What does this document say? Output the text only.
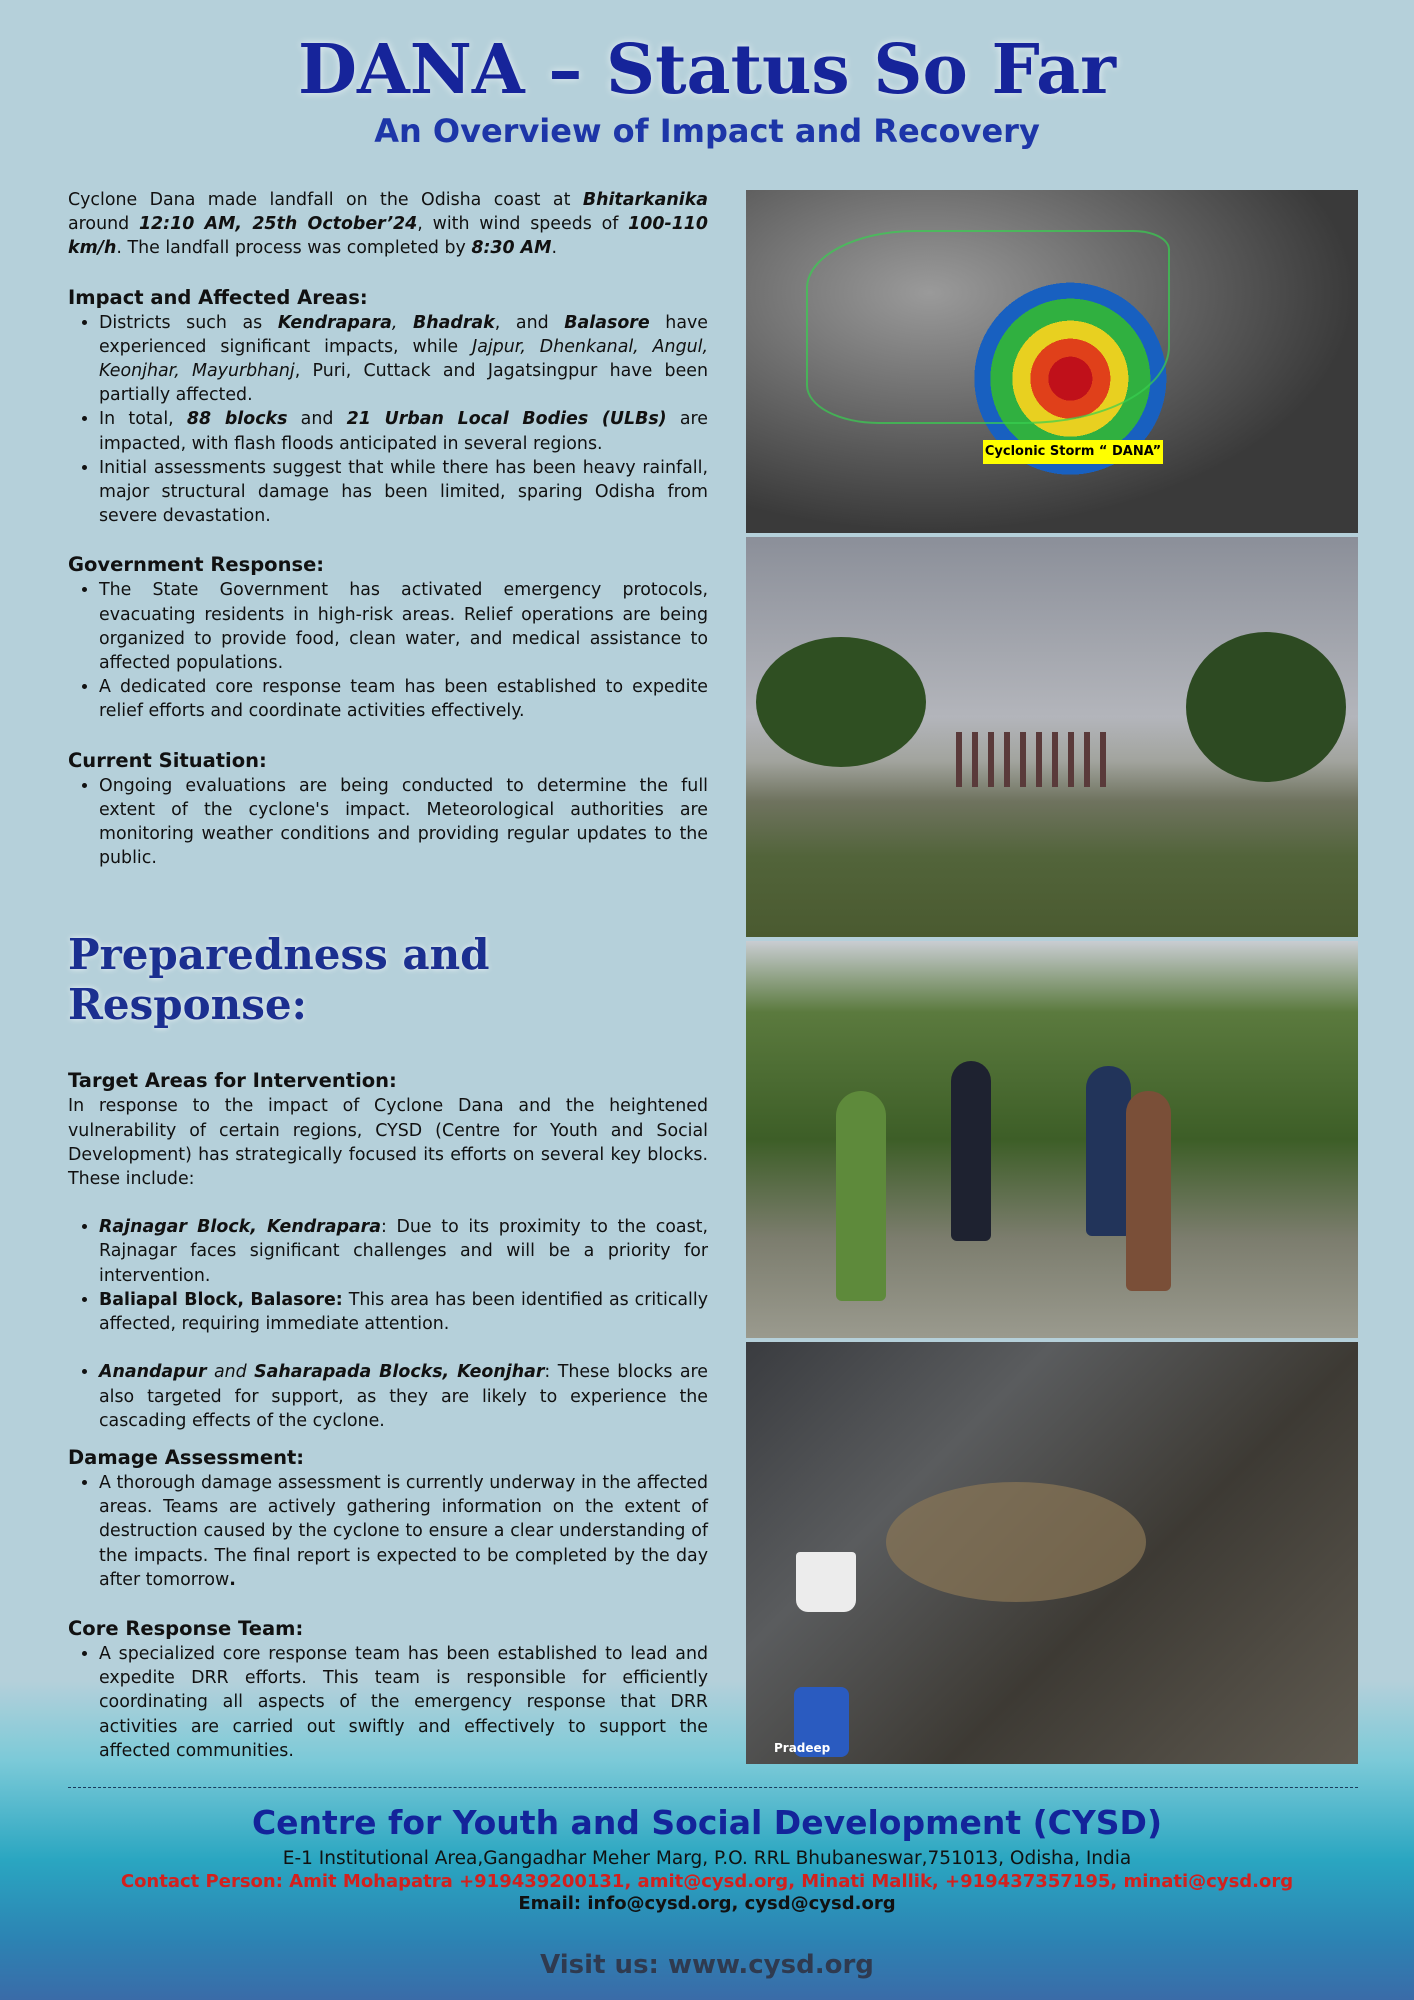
DANA – Status So Far
An Overview of Impact and Recovery

Cyclone Dana made landfall on the Odisha coast at Bhitarkanika around 12:10 AM, 25th October’24, with wind speeds of 100-110 km/h. The landfall process was completed by 8:30 AM.

Impact and Affected Areas:
• Districts such as Kendrapara, Bhadrak, and Balasore have experienced significant impacts, while Jajpur, Dhenkanal, Angul, Keonjhar, Mayurbhanj, Puri, Cuttack and Jagatsingpur have been partially affected.
• In total, 88 blocks and 21 Urban Local Bodies (ULBs) are impacted, with flash floods anticipated in several regions.
• Initial assessments suggest that while there has been heavy rainfall, major structural damage has been limited, sparing Odisha from severe devastation.
Government Response:
• The State Government has activated emergency protocols, evacuating residents in high-risk areas. Relief operations are being organized to provide food, clean water, and medical assistance to affected populations.
• A dedicated core response team has been established to expedite relief efforts and coordinate activities effectively.
Current Situation:
• Ongoing evaluations are being conducted to determine the full extent of the cyclone's impact. Meteorological authorities are monitoring weather conditions and providing regular updates to the public.
Preparedness and Response:
Target Areas for Intervention:

In response to the impact of Cyclone Dana and the heightened vulnerability of certain regions, CYSD (Centre for Youth and Social Development) has strategically focused its efforts on several key blocks. These include:

• Rajnagar Block, Kendrapara: Due to its proximity to the coast, Rajnagar faces significant challenges and will be a priority for intervention.
• Baliapal Block, Balasore: This area has been identified as critically affected, requiring immediate attention.
• Anandapur and Saharapada Blocks, Keonjhar: These blocks are also targeted for support, as they are likely to experience the cascading effects of the cyclone.
Damage Assessment:
• A thorough damage assessment is currently underway in the affected areas. Teams are actively gathering information on the extent of destruction caused by the cyclone to ensure a clear understanding of the impacts. The final report is expected to be completed by the day after tomorrow.
Core Response Team:
• A specialized core response team has been established to lead and expedite DRR efforts. This team is responsible for efficiently coordinating all aspects of the emergency response that DRR activities are carried out swiftly and effectively to support the affected communities.
Cyclonic Storm “ DANA”
Pradeep
Centre for Youth and Social Development (CYSD)
E-1 Institutional Area,Gangadhar Meher Marg, P.O. RRL Bhubaneswar,751013, Odisha, India
Contact Person: Amit Mohapatra +919439200131, amit@cysd.org, Minati Mallik, +919437357195, minati@cysd.org
Email: info@cysd.org, cysd@cysd.org
Visit us: www.cysd.org
